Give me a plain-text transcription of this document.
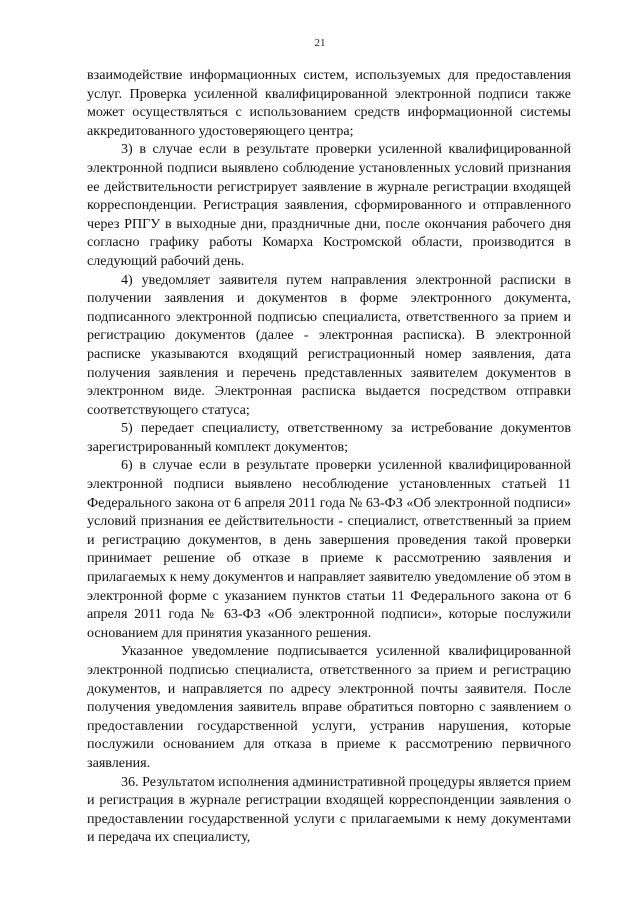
21

взаимодействие информационных систем, используемых для предоставления услуг. Проверка усиленной квалифицированной электронной подписи также может осуществляться с использованием средств информационной системы аккредитованного удостоверяющего центра;

3) в случае если в результате проверки усиленной квалифицированной электронной подписи выявлено соблюдение установленных условий признания ее действительности регистрирует заявление в журнале регистрации входящей корреспонденции. Регистрация заявления, сформированного и отправленного через РПГУ в выходные дни, праздничные дни, после окончания рабочего дня согласно графику работы Комарха Костромской области, производится в следующий рабочий день.

4) уведомляет заявителя путем направления электронной расписки в получении заявления и документов в форме электронного документа, подписанного электронной подписью специалиста, ответственного за прием и регистрацию документов (далее - электронная расписка). В электронной расписке указываются входящий регистрационный номер заявления, дата получения заявления и перечень представленных заявителем документов в электронном виде. Электронная расписка выдается посредством отправки соответствующего статуса;

5) передает специалисту, ответственному за истребование документов зарегистрированный комплект документов;

6) в случае если в результате проверки усиленной квалифицированной электронной подписи выявлено несоблюдение установленных статьей 11 Федерального закона от 6 апреля 2011 года № 63-ФЗ «Об электронной подписи» условий признания ее действительности - специалист, ответственный за прием и регистрацию документов, в день завершения проведения такой проверки принимает решение об отказе в приеме к рассмотрению заявления и прилагаемых к нему документов и направляет заявителю уведомление об этом в электронной форме с указанием пунктов статьи 11 Федерального закона от 6 апреля 2011 года № 63-ФЗ «Об электронной подписи», которые послужили основанием для принятия указанного решения.

Указанное уведомление подписывается усиленной квалифицированной электронной подписью специалиста, ответственного за прием и регистрацию документов, и направляется по адресу электронной почты заявителя. После получения уведомления заявитель вправе обратиться повторно с заявлением о предоставлении государственной услуги, устранив нарушения, которые послужили основанием для отказа в приеме к рассмотрению первичного заявления.

36. Результатом исполнения административной процедуры является прием и регистрация в журнале регистрации входящей корреспонденции заявления о предоставлении государственной услуги с прилагаемыми к нему документами и передача их специалисту,
